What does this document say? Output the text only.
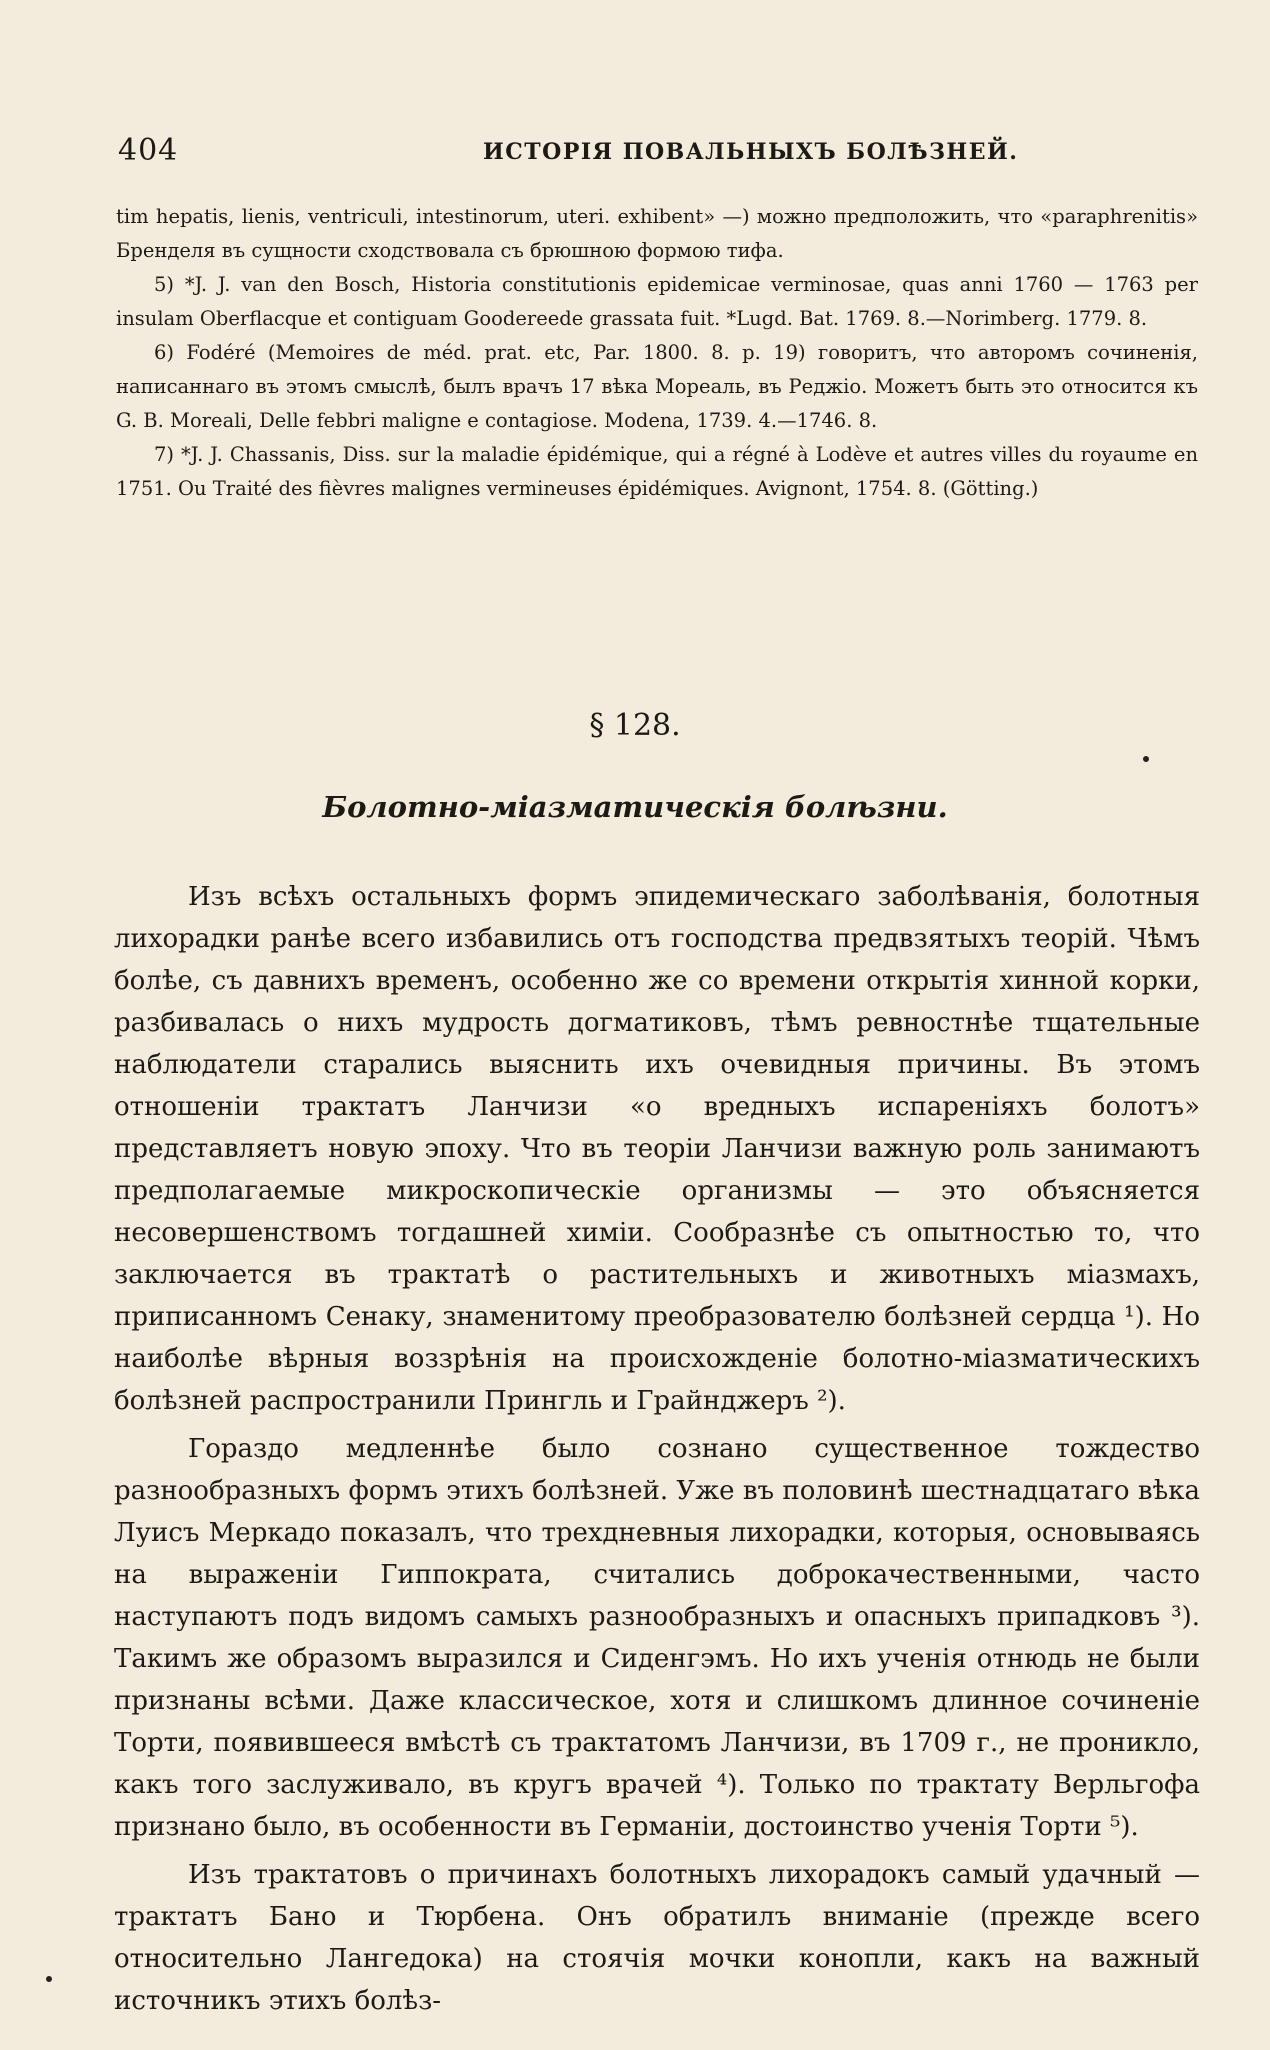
404	ИСТОРІЯ ПОВАЛЬНЫХЪ БОЛѢЗНЕЙ.

tim hepatis, lienis, ventriculi, intestinorum, uteri. exhibent» —) можно предположить, что «paraphrenitis» Бренделя въ сущности сходствовала съ брюшною формою тифа.

5) *J. J. van den Bosch, Historia constitutionis epidemicae verminosae, quas anni 1760 — 1763 per insulam Oberflacque et contiguam Goodereede grassata fuit. *Lugd. Bat. 1769. 8.—Norimberg. 1779. 8.

6) Fodéré (Memoires de méd. prat. etc, Par. 1800. 8. p. 19) говоритъ, что авторомъ сочиненія, написаннаго въ этомъ смыслѣ, былъ врачъ 17 вѣка Мореаль, въ Реджіо. Можетъ быть это относится къ G. B. Moreali, Delle febbri maligne e contagiose. Modena, 1739. 4.—1746. 8.

7) *J. J. Chassanis, Diss. sur la maladie épidémique, qui a régné à Lodève et autres villes du royaume en 1751. Ou Traité des fièvres malignes vermineuses épidémiques. Avignont, 1754. 8. (Götting.)

§ 128.
Болотно-міазматическія болѣзни.

Изъ всѣхъ остальныхъ формъ эпидемическаго заболѣванія, болотныя лихорадки ранѣе всего избавились отъ господства предвзятыхъ теорій. Чѣмъ болѣе, съ давнихъ временъ, особенно же со времени открытія хинной корки, разбивалась о нихъ мудрость догматиковъ, тѣмъ ревностнѣе тщательные наблюдатели старались выяснить ихъ очевидныя причины. Въ этомъ отношеніи трактатъ Ланчизи «о вредныхъ испареніяхъ болотъ» представляетъ новую эпоху. Что въ теоріи Ланчизи важную роль занимаютъ предполагаемые микроскопическіе организмы — это объясняется несовершенствомъ тогдашней химіи. Сообразнѣе съ опытностью то, что заключается въ трактатѣ о растительныхъ и животныхъ міазмахъ, приписанномъ Сенаку, знаменитому преобразователю болѣзней сердца ¹). Но наиболѣе вѣрныя воззрѣнія на происхожденіе болотно-міазматическихъ болѣзней распространили Прингль и Грайнджеръ ²).

Гораздо медленнѣе было сознано существенное тождество разнообразныхъ формъ этихъ болѣзней. Уже въ половинѣ шестнадцатаго вѣка Луисъ Меркадо показалъ, что трехдневныя лихорадки, которыя, основываясь на выраженіи Гиппократа, считались доброкачественными, часто наступаютъ подъ видомъ самыхъ разнообразныхъ и опасныхъ припадковъ ³). Такимъ же образомъ выразился и Сиденгэмъ. Но ихъ ученія отнюдь не были признаны всѣми. Даже классическое, хотя и слишкомъ длинное сочиненіе Торти, появившееся вмѣстѣ съ трактатомъ Ланчизи, въ 1709 г., не проникло, какъ того заслуживало, въ кругъ врачей ⁴). Только по трактату Верльгофа признано было, въ особенности въ Германіи, достоинство ученія Торти ⁵).

Изъ трактатовъ о причинахъ болотныхъ лихорадокъ самый удачный — трактатъ Бано и Тюрбена. Онъ обратилъ вниманіе (прежде всего относительно Лангедока) на стоячія мочки конопли, какъ на важный источникъ этихъ болѣз-
